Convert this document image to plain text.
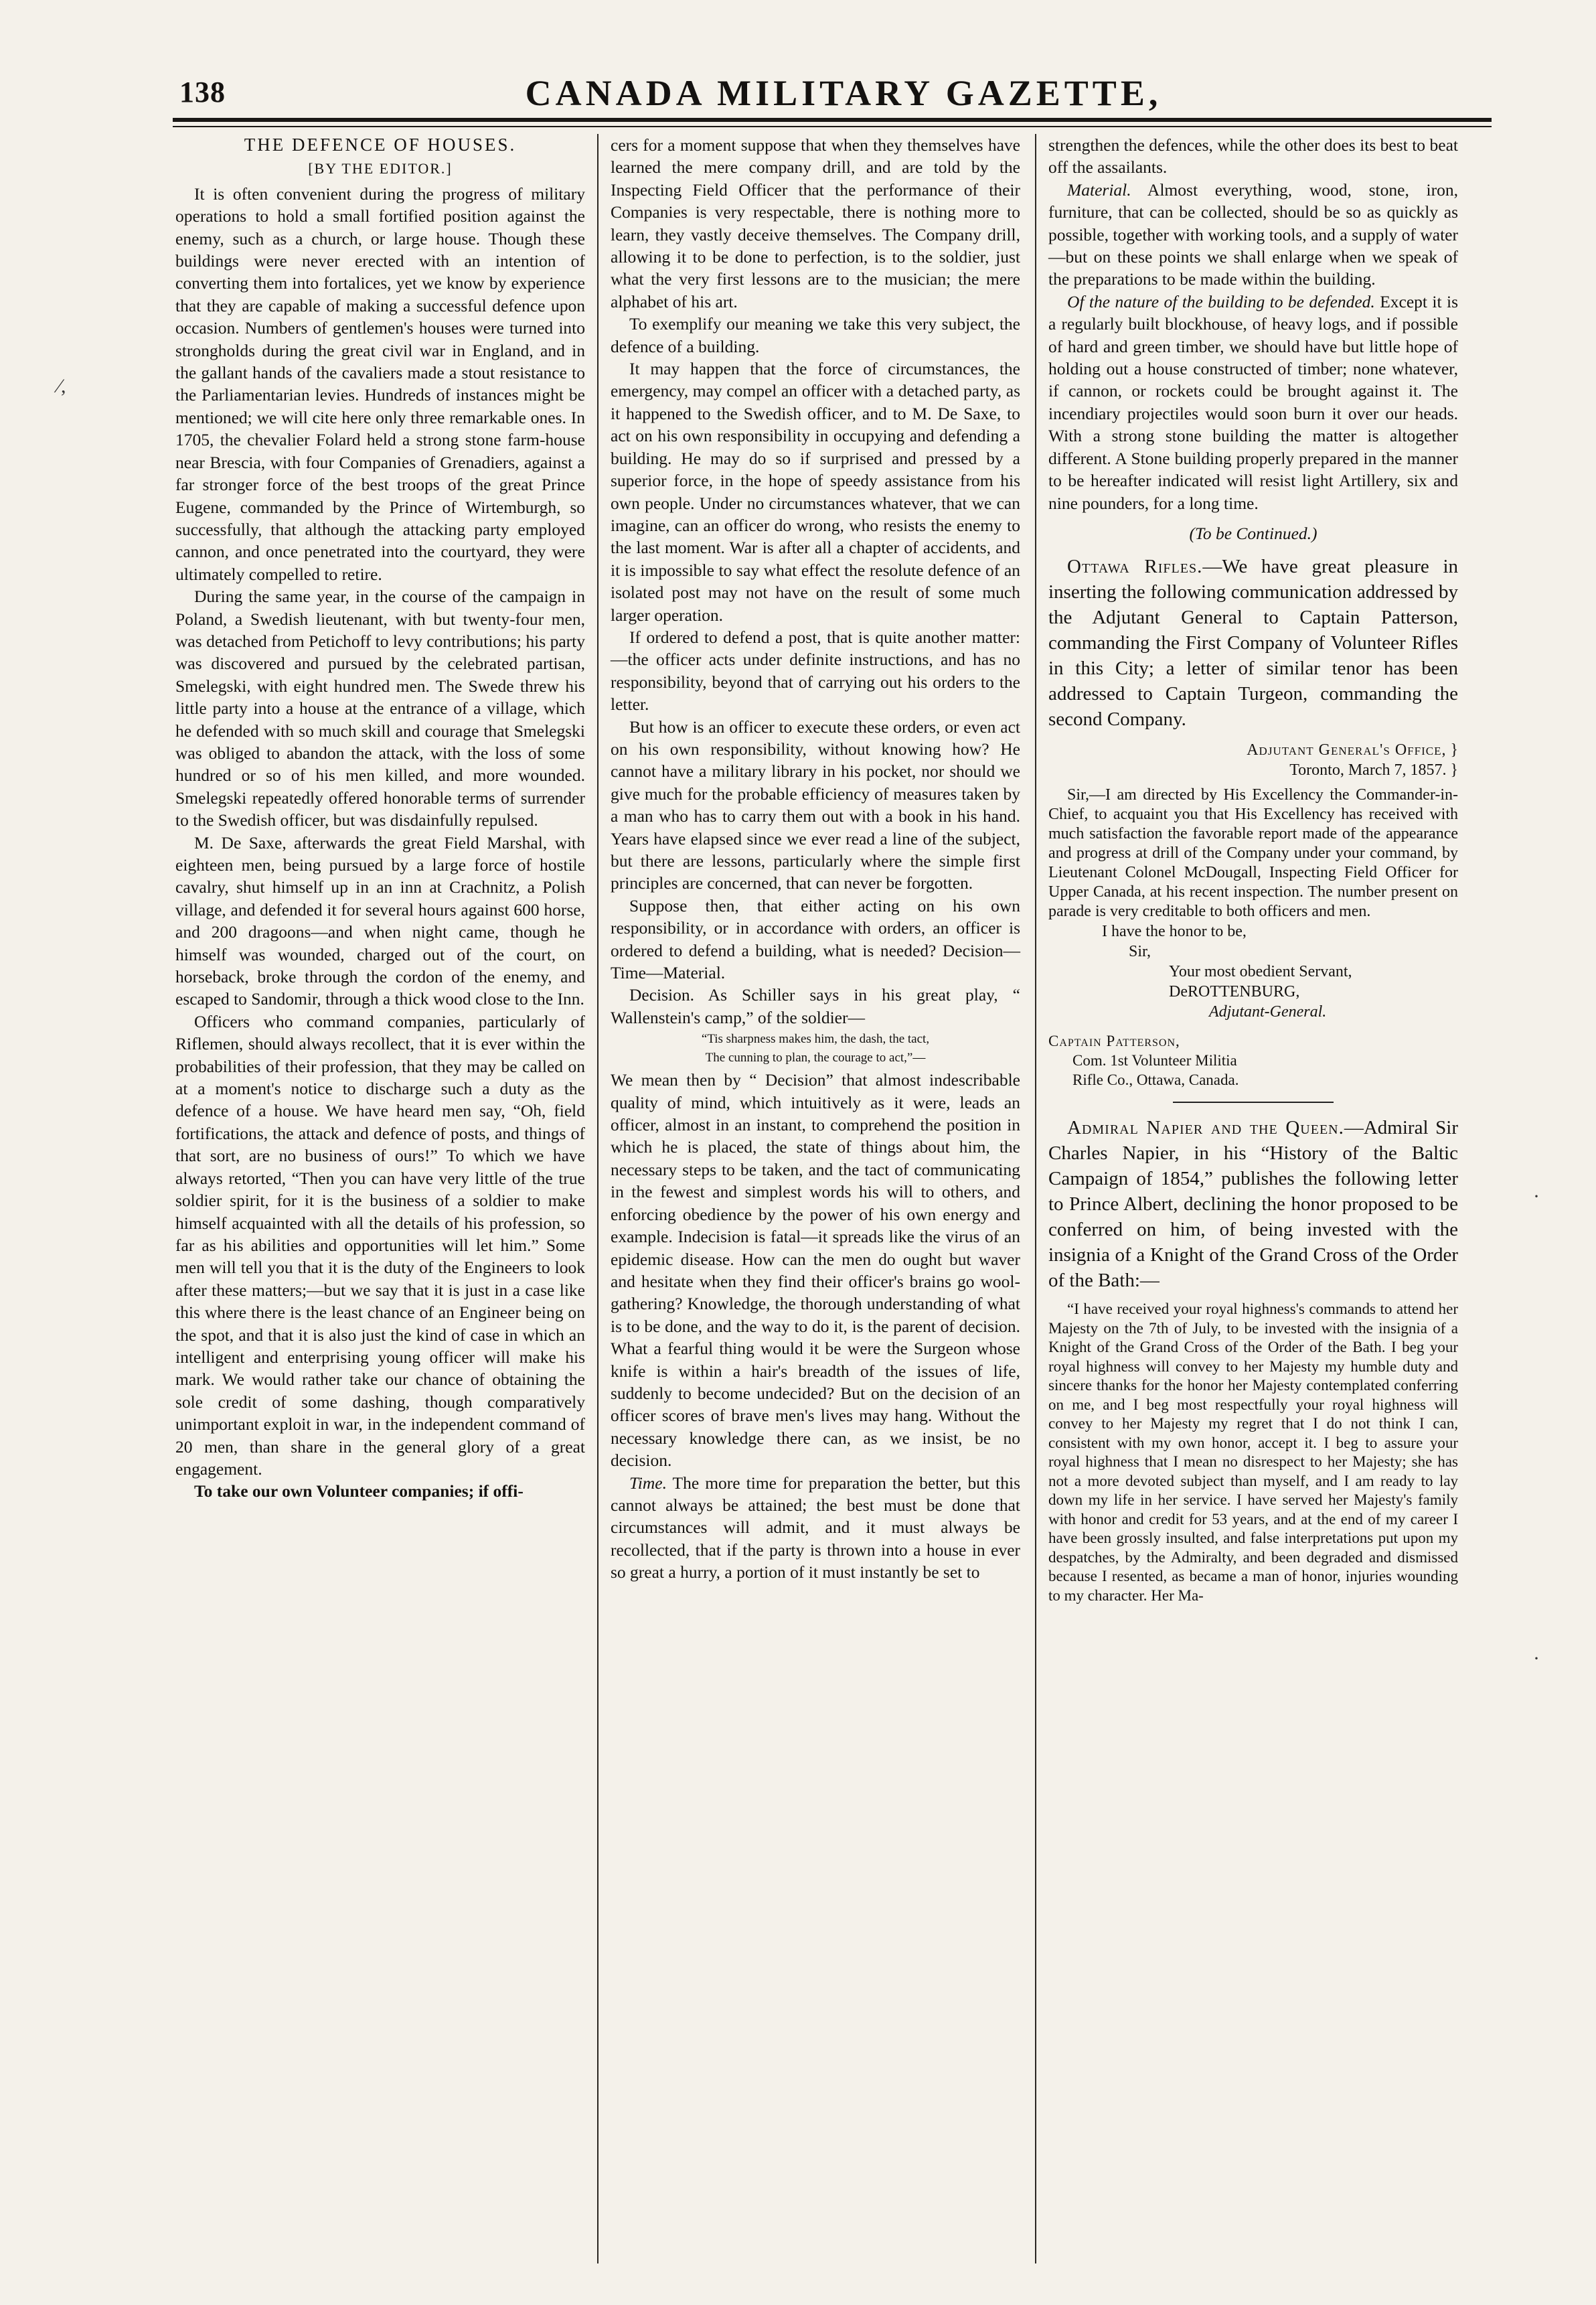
138	CANADA MILITARY GAZETTE,
⁄,
·
·
THE DEFENCE OF HOUSES.
[BY THE EDITOR.]

It is often convenient during the progress of military operations to hold a small fortified position against the enemy, such as a church, or large house. Though these buildings were never erected with an intention of converting them into fortalices, yet we know by experience that they are capable of making a successful defence upon occasion. Numbers of gentlemen's houses were turned into strongholds during the great civil war in England, and in the gallant hands of the cavaliers made a stout resistance to the Parliamentarian levies. Hundreds of instances might be mentioned; we will cite here only three remarkable ones. In 1705, the chevalier Folard held a strong stone farm-house near Brescia, with four Companies of Grenadiers, against a far stronger force of the best troops of the great Prince Eugene, commanded by the Prince of Wirtemburgh, so successfully, that although the attacking party employed cannon, and once penetrated into the courtyard, they were ultimately compelled to retire.

During the same year, in the course of the campaign in Poland, a Swedish lieutenant, with but twenty-four men, was detached from Petichoff to levy contributions; his party was discovered and pursued by the celebrated partisan, Smelegski, with eight hundred men. The Swede threw his little party into a house at the entrance of a village, which he defended with so much skill and courage that Smelegski was obliged to abandon the attack, with the loss of some hundred or so of his men killed, and more wounded. Smelegski repeatedly offered honorable terms of surrender to the Swedish officer, but was disdainfully repulsed.

M. De Saxe, afterwards the great Field Marshal, with eighteen men, being pursued by a large force of hostile cavalry, shut himself up in an inn at Crachnitz, a Polish village, and defended it for several hours against 600 horse, and 200 dragoons—and when night came, though he himself was wounded, charged out of the court, on horseback, broke through the cordon of the enemy, and escaped to Sandomir, through a thick wood close to the Inn.

Officers who command companies, particularly of Riflemen, should always recollect, that it is ever within the probabilities of their profession, that they may be called on at a moment's notice to discharge such a duty as the defence of a house. We have heard men say, “Oh, field fortifications, the attack and defence of posts, and things of that sort, are no business of ours!” To which we have always retorted, “Then you can have very little of the true soldier spirit, for it is the business of a soldier to make himself acquainted with all the details of his profession, so far as his abilities and opportunities will let him.” Some men will tell you that it is the duty of the Engineers to look after these matters;—but we say that it is just in a case like this where there is the least chance of an Engineer being on the spot, and that it is also just the kind of case in which an intelligent and enterprising young officer will make his mark. We would rather take our chance of obtaining the sole credit of some dashing, though comparatively unimportant exploit in war, in the independent command of 20 men, than share in the general glory of a great engagement.

To take our own Volunteer companies; if offi-

cers for a moment suppose that when they themselves have learned the mere company drill, and are told by the Inspecting Field Officer that the performance of their Companies is very respectable, there is nothing more to learn, they vastly deceive themselves. The Company drill, allowing it to be done to perfection, is to the soldier, just what the very first lessons are to the musician; the mere alphabet of his art.

To exemplify our meaning we take this very subject, the defence of a building.

It may happen that the force of circumstances, the emergency, may compel an officer with a detached party, as it happened to the Swedish officer, and to M. De Saxe, to act on his own responsibility in occupying and defending a building. He may do so if surprised and pressed by a superior force, in the hope of speedy assistance from his own people. Under no circumstances whatever, that we can imagine, can an officer do wrong, who resists the enemy to the last moment. War is after all a chapter of accidents, and it is impossible to say what effect the resolute defence of an isolated post may not have on the result of some much larger operation.

If ordered to defend a post, that is quite another matter:—the officer acts under definite instructions, and has no responsibility, beyond that of carrying out his orders to the letter.

But how is an officer to execute these orders, or even act on his own responsibility, without knowing how? He cannot have a military library in his pocket, nor should we give much for the probable efficiency of measures taken by a man who has to carry them out with a book in his hand. Years have elapsed since we ever read a line of the subject, but there are lessons, particularly where the simple first principles are concerned, that can never be forgotten.

Suppose then, that either acting on his own responsibility, or in accordance with orders, an officer is ordered to defend a building, what is needed? Decision—Time—Material.

Decision. As Schiller says in his great play, “ Wallenstein's camp,” of the soldier—

“Tis sharpness makes him, the dash, the tact,

The cunning to plan, the courage to act,”—

We mean then by “ Decision” that almost indescribable quality of mind, which intuitively as it were, leads an officer, almost in an instant, to comprehend the position in which he is placed, the state of things about him, the necessary steps to be taken, and the tact of communicating in the fewest and simplest words his will to others, and enforcing obedience by the power of his own energy and example. Indecision is fatal—it spreads like the virus of an epidemic disease. How can the men do ought but waver and hesitate when they find their officer's brains go wool-gathering? Knowledge, the thorough understanding of what is to be done, and the way to do it, is the parent of decision. What a fearful thing would it be were the Surgeon whose knife is within a hair's breadth of the issues of life, suddenly to become undecided? But on the decision of an officer scores of brave men's lives may hang. Without the necessary knowledge there can, as we insist, be no decision.

Time. The more time for preparation the better, but this cannot always be attained; the best must be done that circumstances will admit, and it must always be recollected, that if the party is thrown into a house in ever so great a hurry, a portion of it must instantly be set to

strengthen the defences, while the other does its best to beat off the assailants.

Material. Almost everything, wood, stone, iron, furniture, that can be collected, should be so as quickly as possible, together with working tools, and a supply of water—but on these points we shall enlarge when we speak of the preparations to be made within the building.

Of the nature of the building to be defended. Except it is a regularly built blockhouse, of heavy logs, and if possible of hard and green timber, we should have but little hope of holding out a house constructed of timber; none whatever, if cannon, or rockets could be brought against it. The incendiary projectiles would soon burn it over our heads. With a strong stone building the matter is altogether different. A Stone building properly prepared in the manner to be hereafter indicated will resist light Artillery, six and nine pounders, for a long time.

(To be Continued.)

Ottawa Rifles.—We have great pleasure in inserting the following communication addressed by the Adjutant General to Captain Patterson, commanding the First Company of Volunteer Rifles in this City; a letter of similar tenor has been addressed to Captain Turgeon, commanding the second Company.

Adjutant General's Office, }
Toronto, March 7, 1857. }

Sir,—I am directed by His Excellency the Commander-in-Chief, to acquaint you that His Excellency has received with much satisfaction the favorable report made of the appearance and progress at drill of the Company under your command, by Lieutenant Colonel McDougall, Inspecting Field Officer for Upper Canada, at his recent inspection. The number present on parade is very creditable to both officers and men.

I have the honor to be,

Sir,

Your most obedient Servant,

DeROTTENBURG,

Adjutant-General.

Captain Patterson,

Com. 1st Volunteer Militia

Rifle Co., Ottawa, Canada.

Admiral Napier and the Queen.—Admiral Sir Charles Napier, in his “History of the Baltic Campaign of 1854,” publishes the following letter to Prince Albert, declining the honor proposed to be conferred on him, of being invested with the insignia of a Knight of the Grand Cross of the Order of the Bath:—

“I have received your royal highness's commands to attend her Majesty on the 7th of July, to be invested with the insignia of a Knight of the Grand Cross of the Order of the Bath. I beg your royal highness will convey to her Majesty my humble duty and sincere thanks for the honor her Majesty contemplated conferring on me, and I beg most respectfully your royal highness will convey to her Majesty my regret that I do not think I can, consistent with my own honor, accept it. I beg to assure your royal highness that I mean no disrespect to her Majesty; she has not a more devoted subject than myself, and I am ready to lay down my life in her service. I have served her Majesty's family with honor and credit for 53 years, and at the end of my career I have been grossly insulted, and false interpretations put upon my despatches, by the Admiralty, and been degraded and dismissed because I resented, as became a man of honor, injuries wounding to my character. Her Ma-
